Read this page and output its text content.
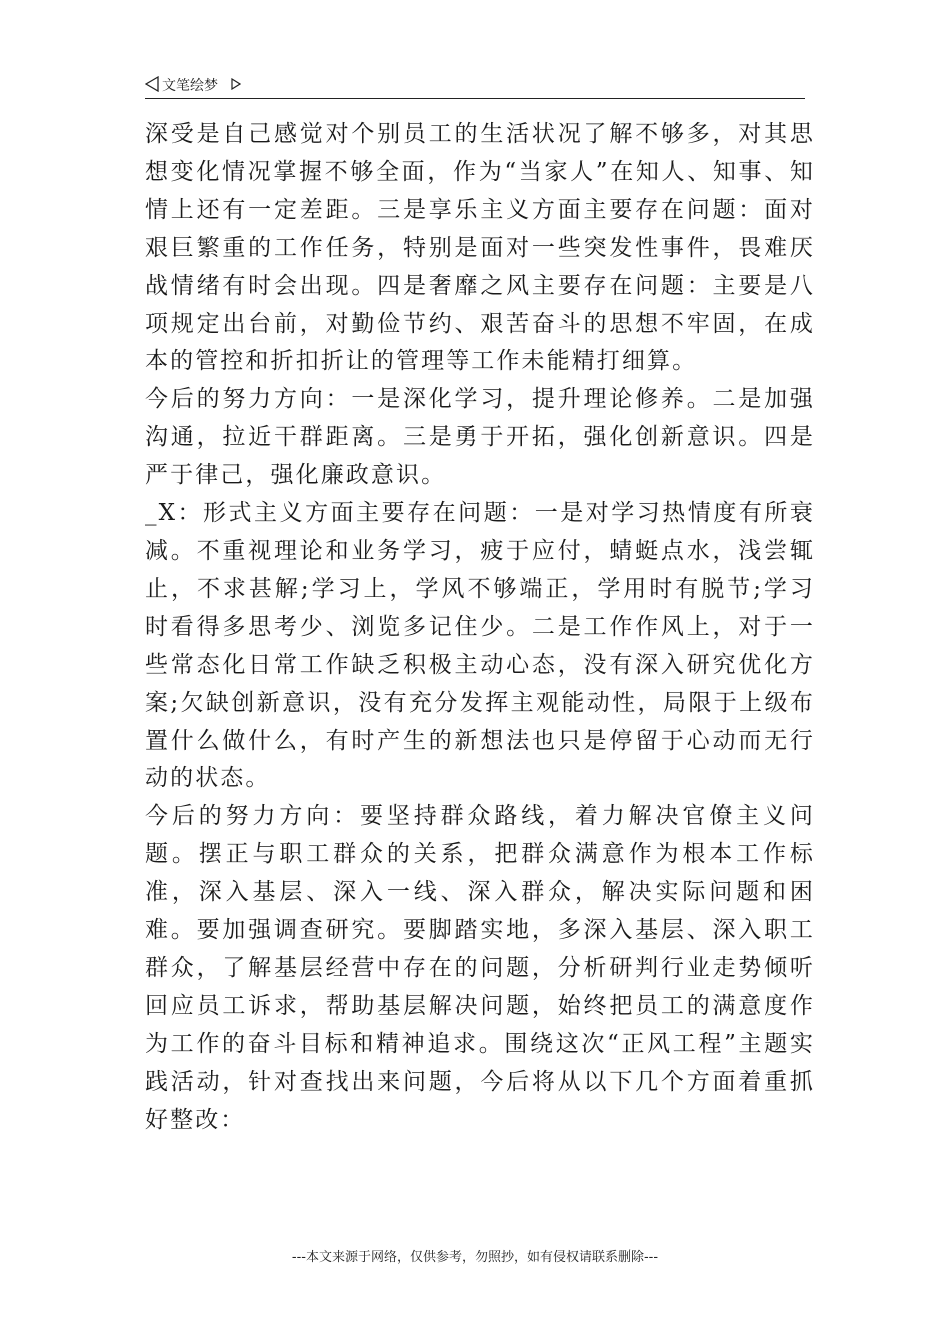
文笔绘梦

深受是自己感觉对个别员工的生活状况了解不够多，对其思想变化情况掌握不够全面，作为“当家人”在知人、知事、知情上还有一定差距。三是享乐主义方面主要存在问题：面对艰巨繁重的工作任务，特别是面对一些突发性事件，畏难厌战情绪有时会出现。四是奢靡之风主要存在问题：主要是八项规定出台前，对勤俭节约、艰苦奋斗的思想不牢固，在成本的管控和折扣折让的管理等工作未能精打细算。

今后的努力方向：一是深化学习，提升理论修养。二是加强沟通，拉近干群距离。三是勇于开拓，强化创新意识。四是严于律己，强化廉政意识。

_X：形式主义方面主要存在问题：一是对学习热情度有所衰减。不重视理论和业务学习，疲于应付，蜻蜓点水，浅尝辄止，不求甚解;学习上，学风不够端正，学用时有脱节;学习时看得多思考少、浏览多记住少。二是工作作风上，对于一些常态化日常工作缺乏积极主动心态，没有深入研究优化方案;欠缺创新意识，没有充分发挥主观能动性，局限于上级布置什么做什么，有时产生的新想法也只是停留于心动而无行动的状态。

今后的努力方向：要坚持群众路线，着力解决官僚主义问题。摆正与职工群众的关系，把群众满意作为根本工作标准，深入基层、深入一线、深入群众，解决实际问题和困难。要加强调查研究。要脚踏实地，多深入基层、深入职工群众，了解基层经营中存在的问题，分析研判行业走势倾听回应员工诉求，帮助基层解决问题，始终把员工的满意度作为工作的奋斗目标和精神追求。围绕这次“正风工程”主题实践活动，针对查找出来问题，今后将从以下几个方面着重抓好整改：

---本文来源于网络，仅供参考，勿照抄，如有侵权请联系删除---
